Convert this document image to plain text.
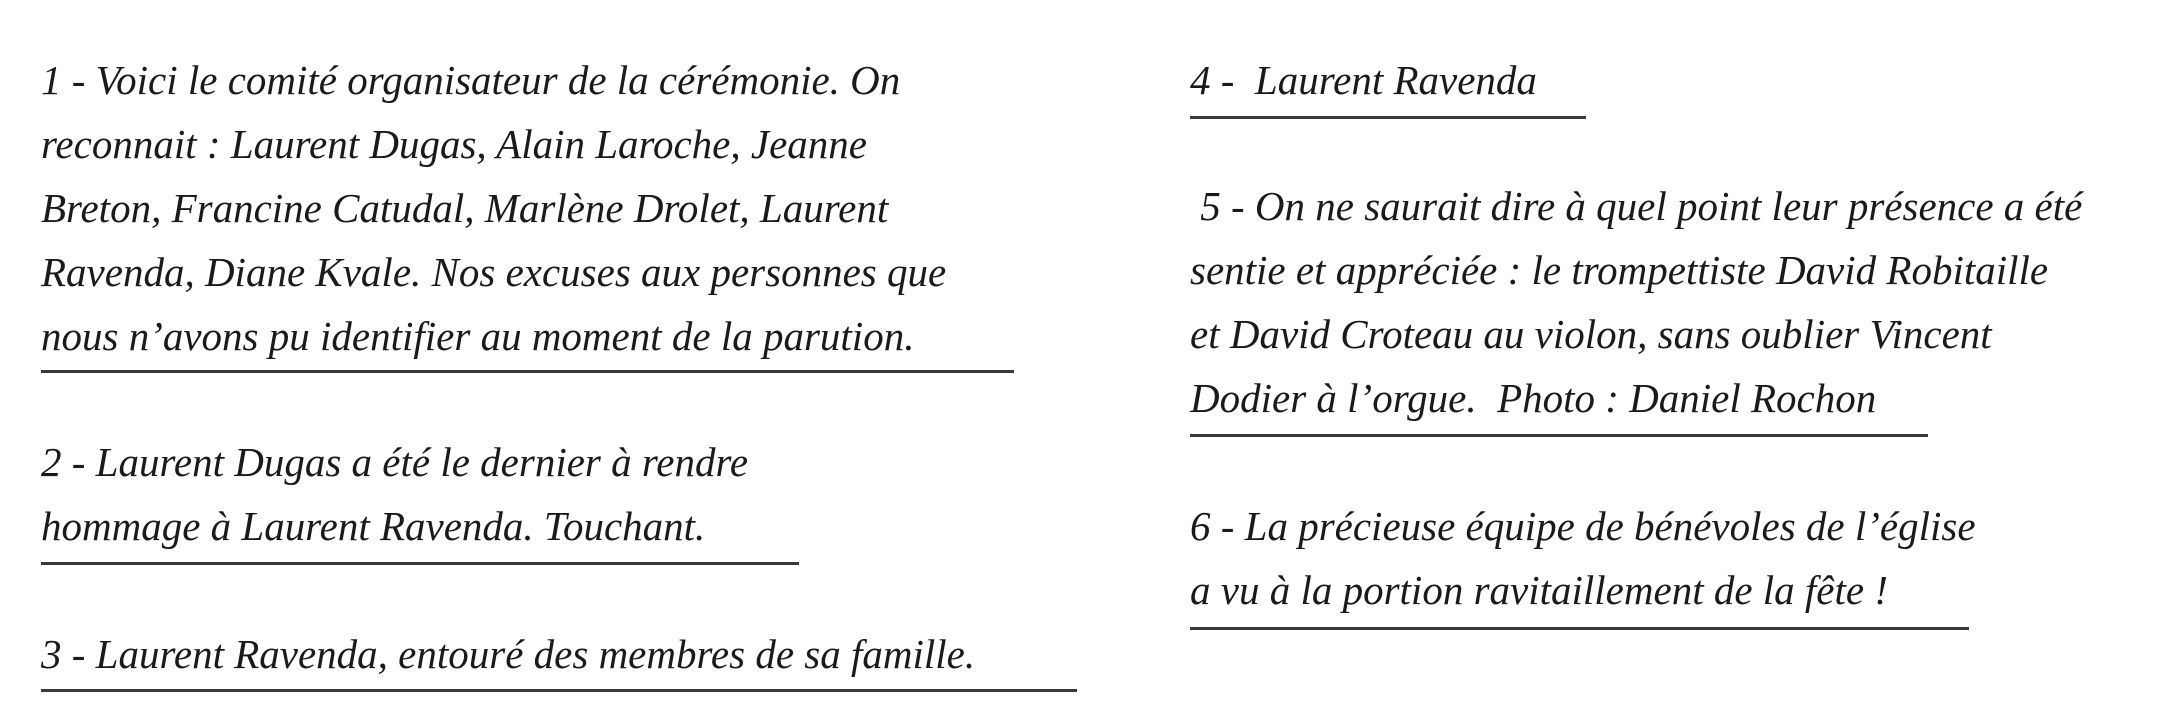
1 - Voici le comité organisateur de la cérémonie. On
reconnait : Laurent Dugas, Alain Laroche, Jeanne
Breton, Francine Catudal, Marlène Drolet, Laurent
Ravenda, Diane Kvale. Nos excuses aux personnes que
nous n’avons pu identifier au moment de la parution.
2 - Laurent Dugas a été le dernier à rendre
hommage à Laurent Ravenda. Touchant.
3 - Laurent Ravenda, entouré des membres de sa famille.
4 -  Laurent Ravenda
5 - On ne saurait dire à quel point leur présence a été
sentie et appréciée : le trompettiste David Robitaille
et David Croteau au violon, sans oublier Vincent
Dodier à l’orgue.  Photo : Daniel Rochon
6 - La précieuse équipe de bénévoles de l’église
a vu à la portion ravitaillement de la fête !
